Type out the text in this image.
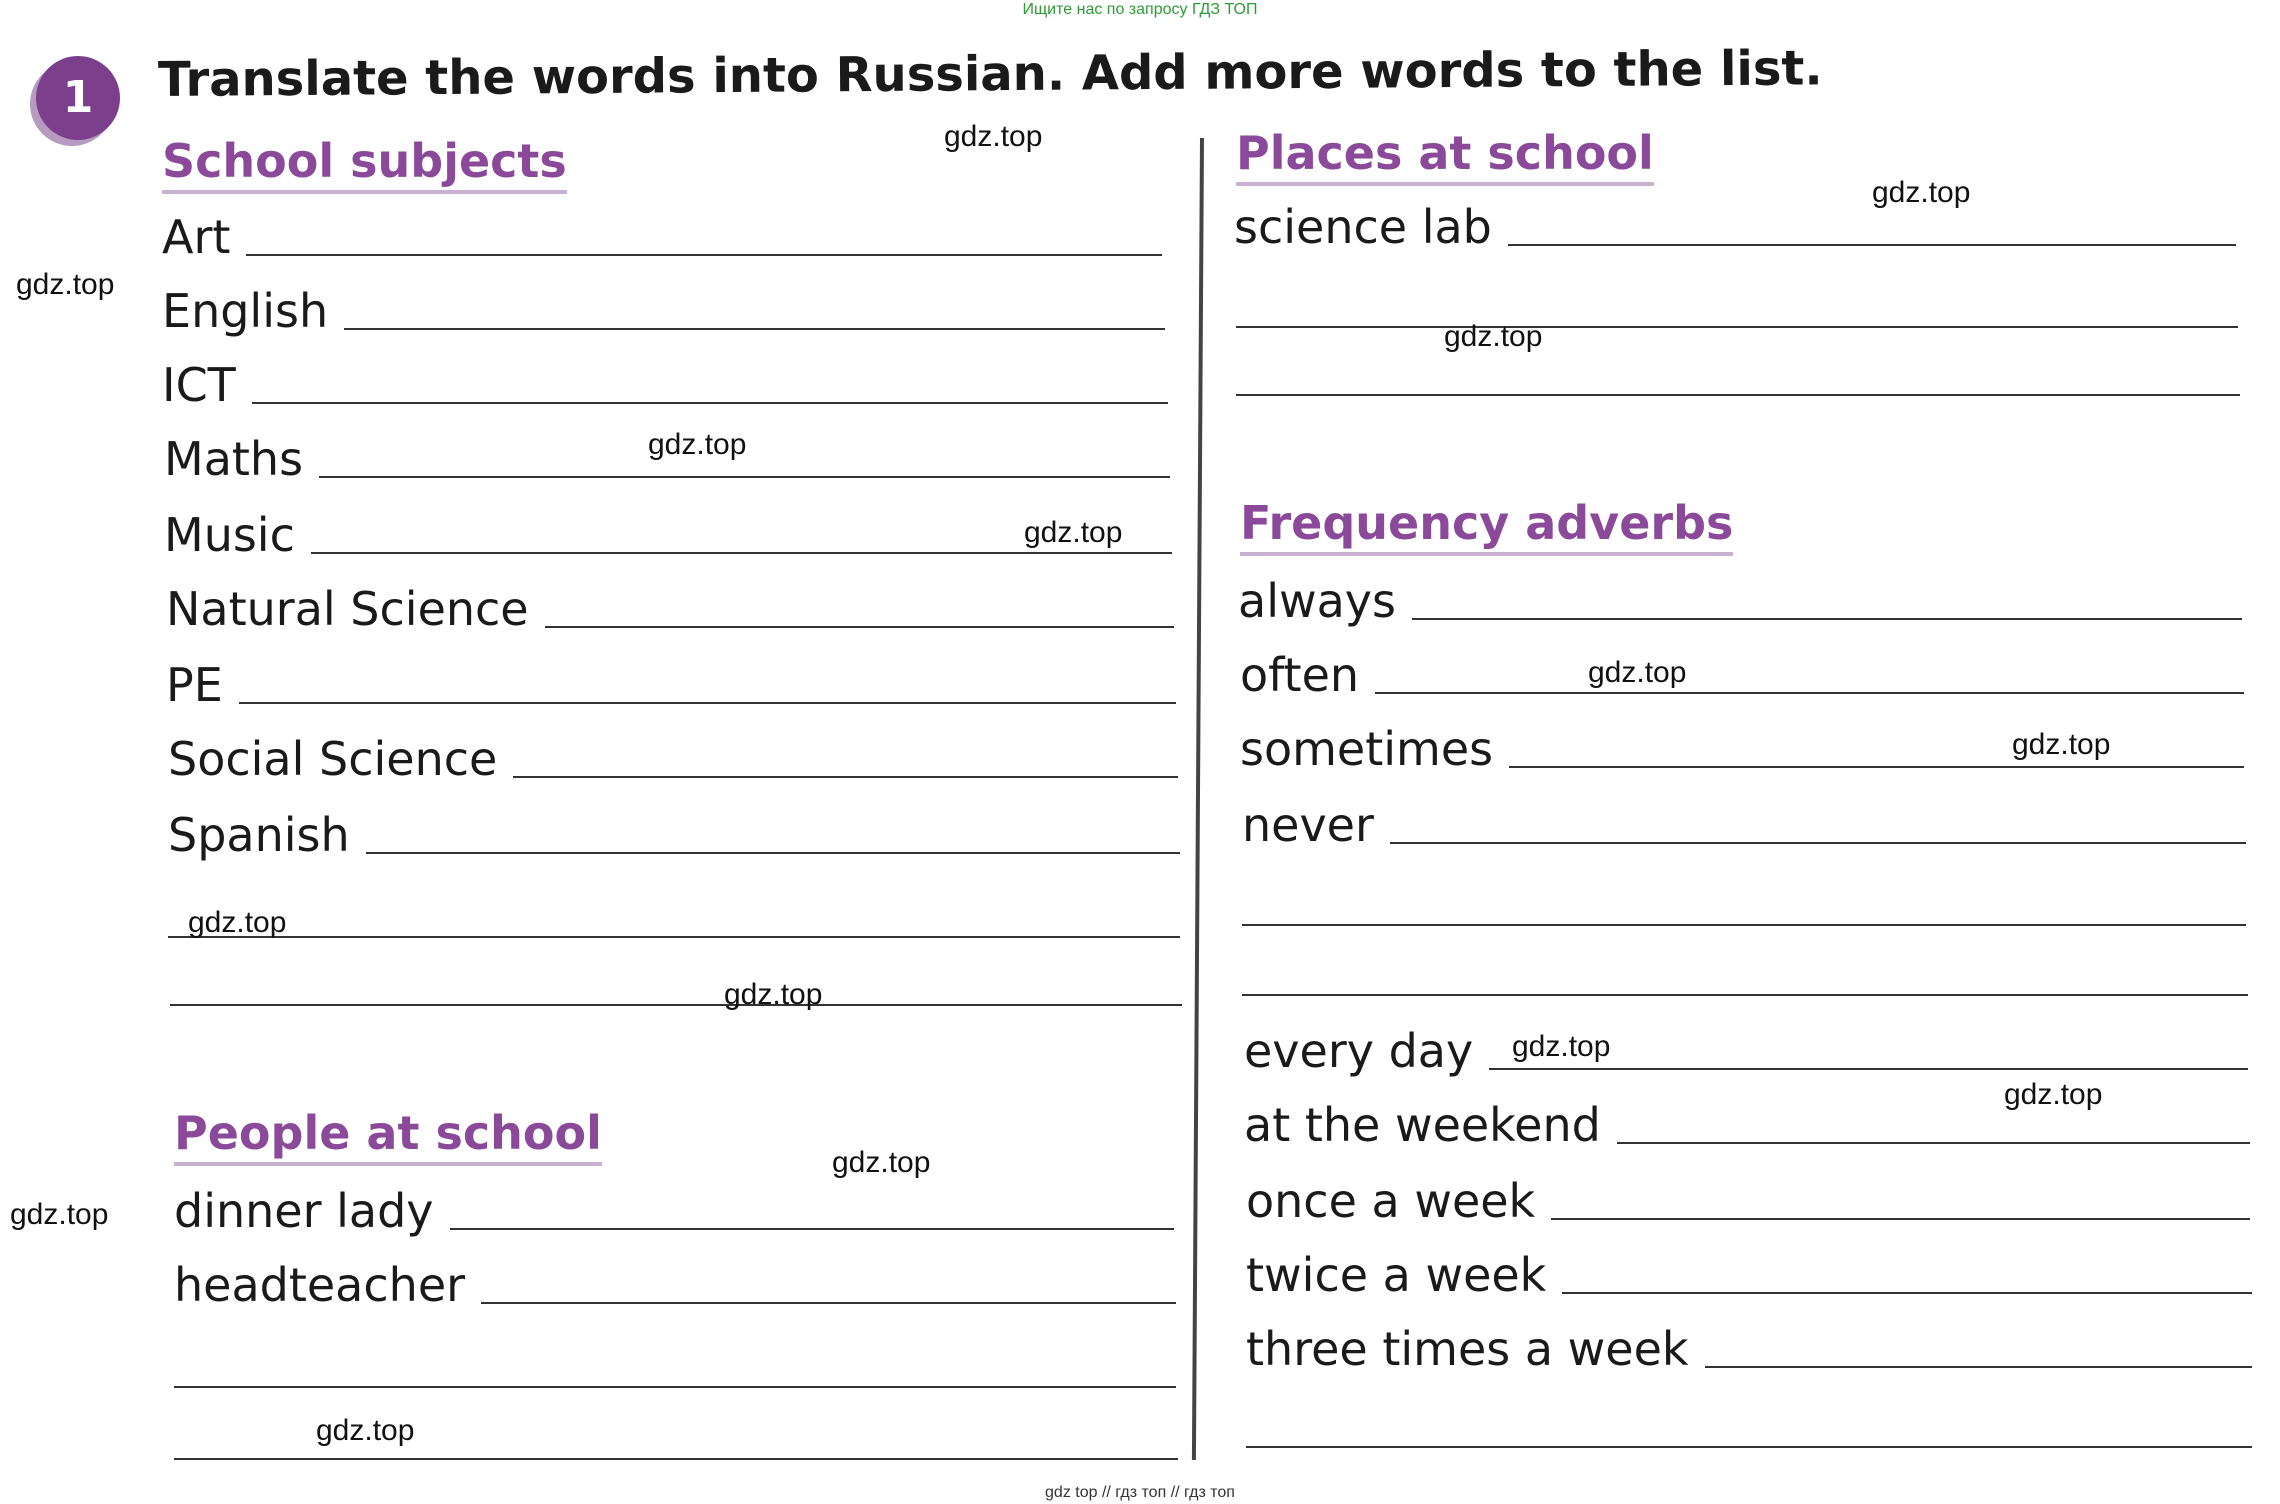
Ищите нас по запросу ГДЗ ТОП
1	Translate the words into Russian. Add more words to the list.
School subjects
Art
English
ICT
Maths
Music
Natural Science
PE
Social Science
Spanish
People at school
dinner lady
headteacher
Places at school
science lab
Frequency adverbs
always
often
sometimes
never
every day
at the weekend
once a week
twice a week
three times a week
gdz.top
gdz.top
gdz.top
gdz.top
gdz.top
gdz.top
gdz.top
gdz.top
gdz.top
gdz.top
gdz.top
gdz.top
gdz.top
gdz.top
gdz.top
gdz top // гдз топ // гдз топ
